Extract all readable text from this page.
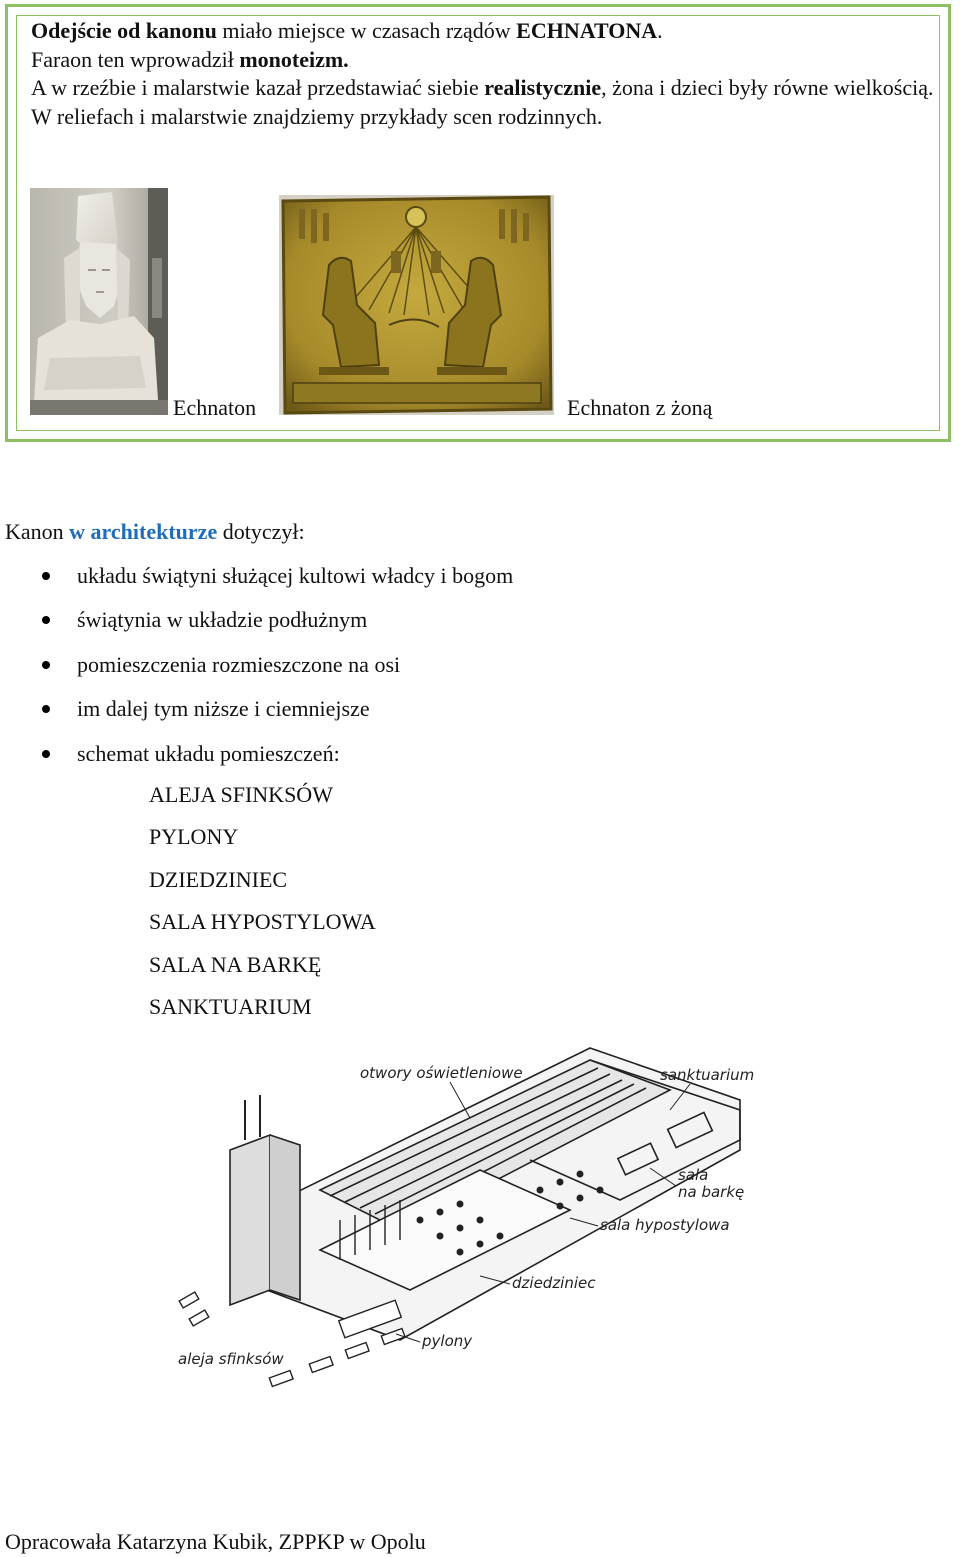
Odejście od kanonu miało miejsce w czasach rządów ECHNATONA.

Faraon ten wprowadził monoteizm.

A w rzeźbie i malarstwie kazał przedstawiać siebie realistycznie, żona i dzieci były równe wielkością.

W reliefach i malarstwie znajdziemy przykłady scen rodzinnych.

Echnaton	Echnaton z żoną
Kanon w architekturze dotyczył:
układu świątyni służącej kultowi władcy i bogom
świątynia w układzie podłużnym
pomieszczenia rozmieszczone na osi
im dalej tym niższe i ciemniejsze
schemat układu pomieszczeń:
ALEJA SFINKSÓW
PYLONY
DZIEDZINIEC
SALA HYPOSTYLOWA
SALA NA BARKĘ
SANKTUARIUM
otwory oświetleniowe	sanktuarium
sala
na barkę
sala hypostylowa
dziedziniec
pylony
aleja sfinksów
Opracowała Katarzyna Kubik, ZPPKP w Opolu
